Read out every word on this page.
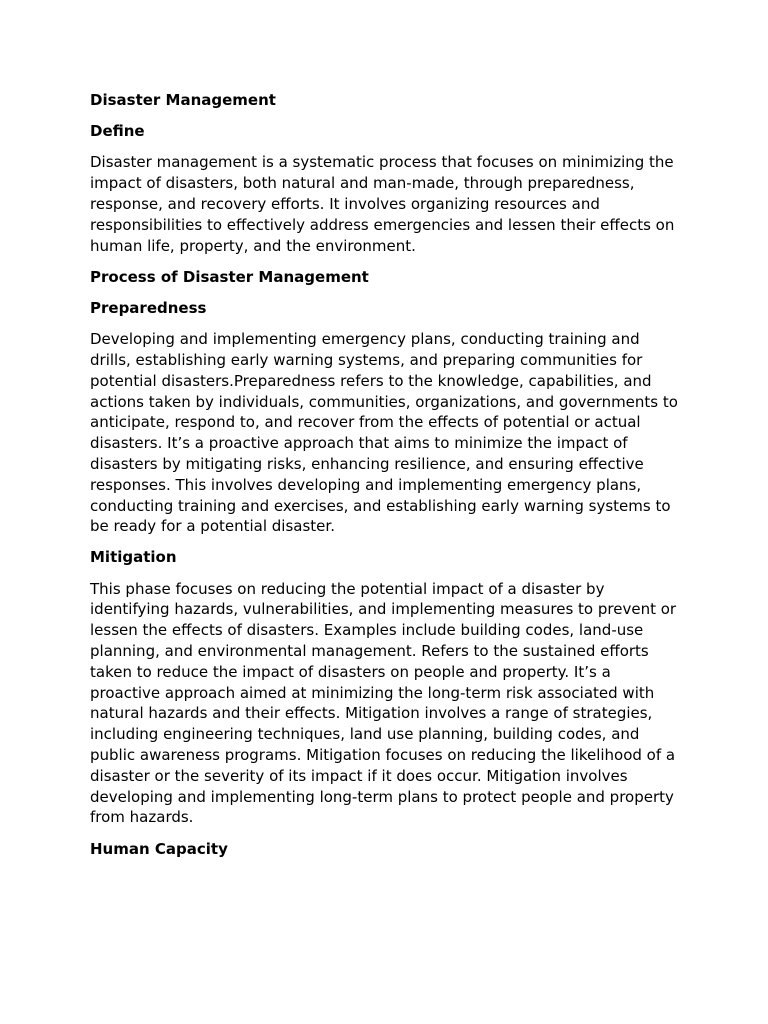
Disaster Management
Define
Disaster management is a systematic process that focuses on minimizing the impact of disasters, both natural and man-made, through preparedness, response, and recovery efforts. It involves organizing resources and responsibilities to effectively address emergencies and lessen their effects on human life, property, and the environment.
Process of Disaster Management
Preparedness
Developing and implementing emergency plans, conducting training and drills, establishing early warning systems, and preparing communities for potential disasters.Preparedness refers to the knowledge, capabilities, and actions taken by individuals, communities, organizations, and governments to anticipate, respond to, and recover from the effects of potential or actual disasters. It’s a proactive approach that aims to minimize the impact of disasters by mitigating risks, enhancing resilience, and ensuring effective responses. This involves developing and implementing emergency plans, conducting training and exercises, and establishing early warning systems to be ready for a potential disaster.
Mitigation
This phase focuses on reducing the potential impact of a disaster by identifying hazards, vulnerabilities, and implementing measures to prevent or lessen the effects of disasters. Examples include building codes, land-use planning, and environmental management. Refers to the sustained efforts taken to reduce the impact of disasters on people and property. It’s a proactive approach aimed at minimizing the long-term risk associated with natural hazards and their effects. Mitigation involves a range of strategies, including engineering techniques, land use planning, building codes, and public awareness programs. Mitigation focuses on reducing the likelihood of a disaster or the severity of its impact if it does occur. Mitigation involves developing and implementing long-term plans to protect people and property from hazards.
Human Capacity
